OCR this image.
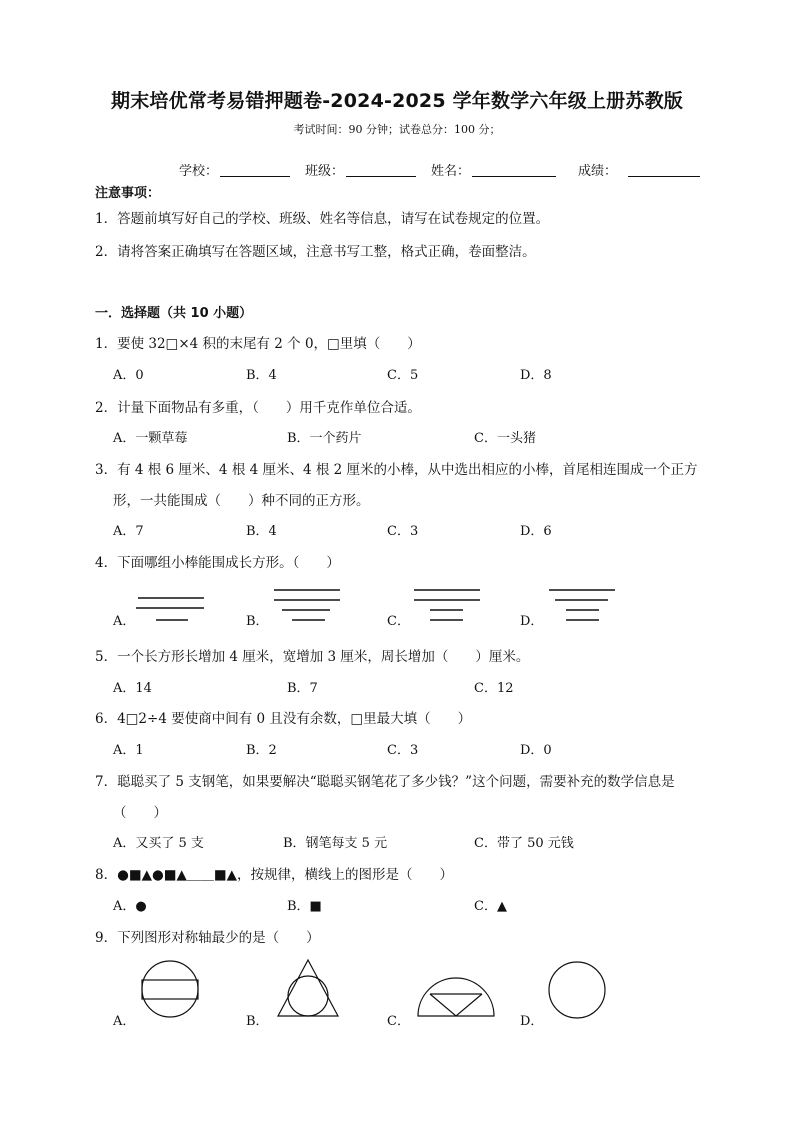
期末培优常考易错押题卷-2024-2025 学年数学六年级上册苏教版
考试时间：90 分钟；试卷总分：100 分；
学校：	班级：	姓名：	成绩：
注意事项：
1．答题前填写好自己的学校、班级、姓名等信息，请写在试卷规定的位置。
2．请将答案正确填写在答题区域，注意书写工整，格式正确，卷面整洁。
一．选择题（共 10 小题）
1．要使 32□×4 积的末尾有 2 个 0，□里填（　　）
A．0	B．4	C．5	D．8
2．计量下面物品有多重，（　　）用千克作单位合适。
A．一颗草莓	B．一个药片	C．一头猪
3．有 4 根 6 厘米、4 根 4 厘米、4 根 2 厘米的小棒，从中选出相应的小棒，首尾相连围成一个正方
形，一共能围成（　　）种不同的正方形。
A．7	B．4	C．3	D．6
4．下面哪组小棒能围成长方形。（　　）
A．	B．	C．	D．
5．一个长方形长增加 4 厘米，宽增加 3 厘米，周长增加（　　）厘米。
A．14	B．7	C．12
6．4□2÷4 要使商中间有 0 且没有余数，□里最大填（　　）
A．1	B．2	C．3	D．0
7．聪聪买了 5 支钢笔，如果要解决“聪聪买钢笔花了多少钱？”这个问题，需要补充的数学信息是
（　　）
A．又买了 5 支	B．钢笔每支 5 元	C．带了 50 元钱
8．●■▲●■▲＿＿■▲，按规律，横线上的图形是（　　）
A．●	B．■	C．▲
9．下列图形对称轴最少的是（　　）
A．	B．	C．	D．
